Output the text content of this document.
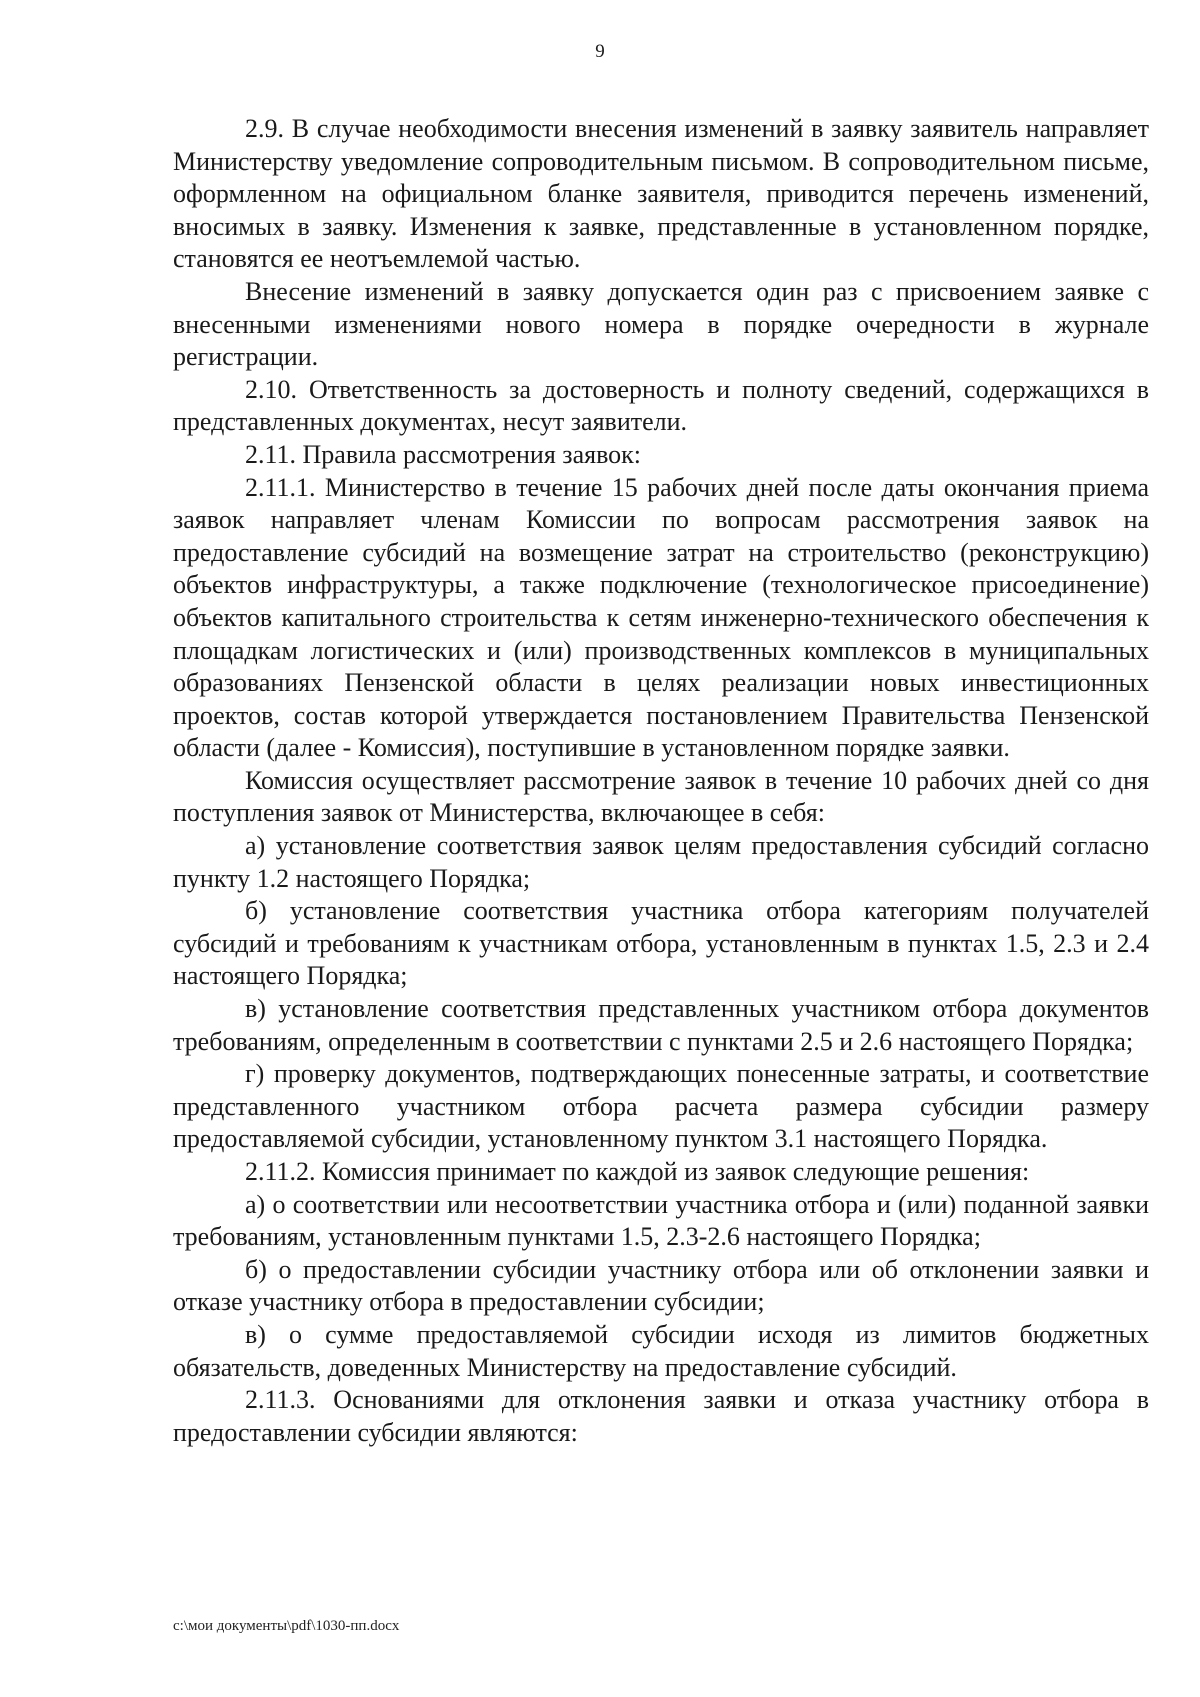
9

2.9. В случае необходимости внесения изменений в заявку заявитель направляет Министерству уведомление сопроводительным письмом. В сопроводительном письме, оформленном на официальном бланке заявителя, приводится перечень изменений, вносимых в заявку. Изменения к заявке, представленные в установленном порядке, становятся ее неотъемлемой частью.

Внесение изменений в заявку допускается один раз с присвоением заявке с внесенными изменениями нового номера в порядке очередности в журнале регистрации.

2.10. Ответственность за достоверность и полноту сведений, содержащихся в представленных документах, несут заявители.

2.11. Правила рассмотрения заявок:

2.11.1. Министерство в течение 15 рабочих дней после даты окончания приема заявок направляет членам Комиссии по вопросам рассмотрения заявок на предоставление субсидий на возмещение затрат на строительство (реконструкцию) объектов инфраструктуры, а также подключение (технологическое присоединение) объектов капитального строительства к сетям инженерно-технического обеспечения к площадкам логистических и (или) производственных комплексов в муниципальных образованиях Пензенской области в целях реализации новых инвестиционных проектов, состав которой утверждается постановлением Правительства Пензенской области (далее - Комиссия), поступившие в установленном порядке заявки.

Комиссия осуществляет рассмотрение заявок в течение 10 рабочих дней со дня поступления заявок от Министерства, включающее в себя:

а) установление соответствия заявок целям предоставления субсидий согласно пункту 1.2 настоящего Порядка;

б) установление соответствия участника отбора категориям получателей субсидий и требованиям к участникам отбора, установленным в пунктах 1.5, 2.3 и 2.4 настоящего Порядка;

в) установление соответствия представленных участником отбора документов требованиям, определенным в соответствии с пунктами 2.5 и 2.6 настоящего Порядка;

г) проверку документов, подтверждающих понесенные затраты, и соответствие представленного участником отбора расчета размера субсидии размеру предоставляемой субсидии, установленному пунктом 3.1 настоящего Порядка.

2.11.2. Комиссия принимает по каждой из заявок следующие решения:

а) о соответствии или несоответствии участника отбора и (или) поданной заявки требованиям, установленным пунктами 1.5, 2.3-2.6 настоящего Порядка;

б) о предоставлении субсидии участнику отбора или об отклонении заявки и отказе участнику отбора в предоставлении субсидии;

в) о сумме предоставляемой субсидии исходя из лимитов бюджетных обязательств, доведенных Министерству на предоставление субсидий.

2.11.3. Основаниями для отклонения заявки и отказа участнику отбора в предоставлении субсидии являются:

c:\мои документы\pdf\1030-пп.docx
